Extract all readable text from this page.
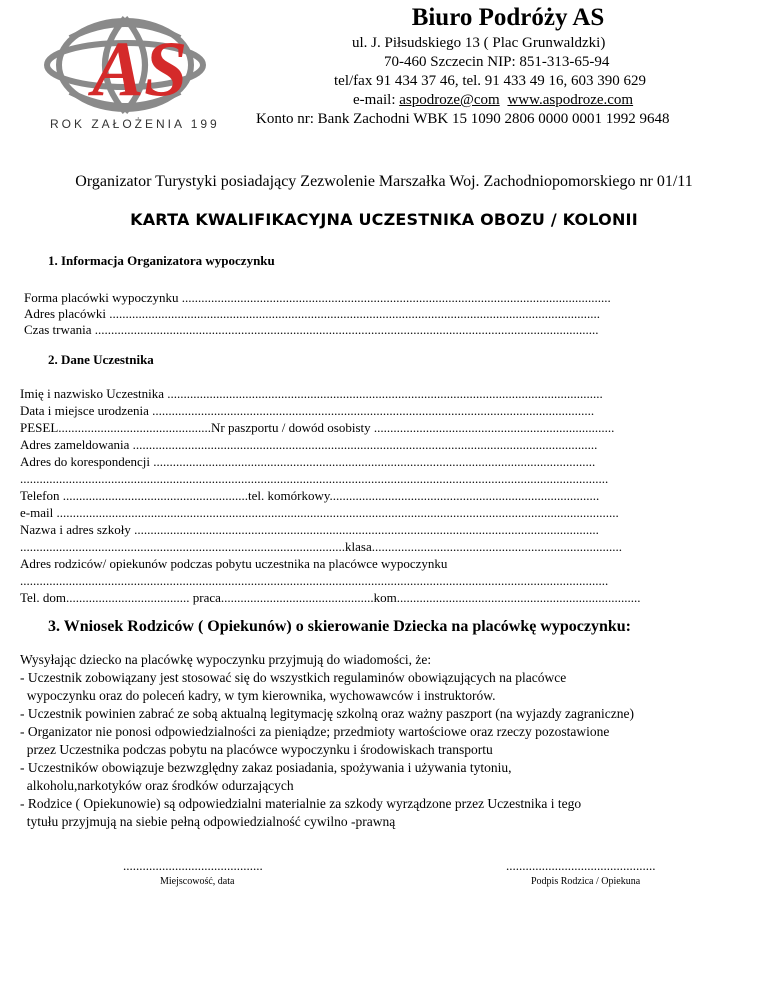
AS
ROK ZAŁOŻENIA 1990
Biuro Podróży AS
ul. J. Piłsudskiego 13 ( Plac Grunwaldzki)
70-460 Szczecin NIP: 851-313-65-94
tel/fax 91 434 37 46, tel. 91 433 49 16, 603 390 629
e-mail: aspodroze@com www.aspodroze.com
Konto nr: Bank Zachodni WBK 15 1090 2806 0000 0001 1992 9648
Organizator Turystyki posiadający Zezwolenie Marszałka Woj. Zachodniopomorskiego nr 01/11
KARTA KWALIFIKACYJNA UCZESTNIKA OBOZU / KOLONII
1. Informacja Organizatora wypoczynku
Forma placówki wypoczynku ....................................................................................................................................
Adres placówki .......................................................................................................................................................
Czas trwania ...........................................................................................................................................................
2. Dane Uczestnika
Imię i nazwisko Uczestnika ......................................................................................................................................
Data i miejsce urodzenia ........................................................................................................................................
PESEL...............................................Nr paszportu / dowód osobisty ..........................................................................
Adres zameldowania ...............................................................................................................................................
Adres do korespondencji ........................................................................................................................................
.....................................................................................................................................................................................
Telefon .........................................................tel. komórkowy...................................................................................
e-mail .............................................................................................................................................................................
Nazwa i adres szkoły ...............................................................................................................................................
....................................................................................................klasa.............................................................................
Adres rodziców/ opiekunów podczas pobytu uczestnika na placówce wypoczynku
.....................................................................................................................................................................................
Tel. dom...................................... praca...............................................kom...........................................................................
3. Wniosek Rodziców ( Opiekunów) o skierowanie Dziecka na placówkę wypoczynku:
Wysyłając dziecko na placówkę wypoczynku przyjmują do wiadomości, że:
- Uczestnik zobowiązany jest stosować się do wszystkich regulaminów obowiązujących na placówce
wypoczynku oraz do poleceń kadry, w tym kierownika, wychowawców i instruktorów.
- Uczestnik powinien zabrać ze sobą aktualną legitymację szkolną oraz ważny paszport (na wyjazdy zagraniczne)
- Organizator nie ponosi odpowiedzialności za pieniądze; przedmioty wartościowe oraz rzeczy pozostawione
przez Uczestnika podczas pobytu na placówce wypoczynku i środowiskach transportu
- Uczestników obowiązuje bezwzględny zakaz posiadania, spożywania i używania tytoniu,
alkoholu,narkotyków oraz środków odurzających
- Rodzice ( Opiekunowie) są odpowiedzialni materialnie za szkody wyrządzone przez Uczestnika i tego
tytułu przyjmują na siebie pełną odpowiedzialność cywilno -prawną
...........................................
Miejscowość, data
..............................................
Podpis Rodzica / Opiekuna
